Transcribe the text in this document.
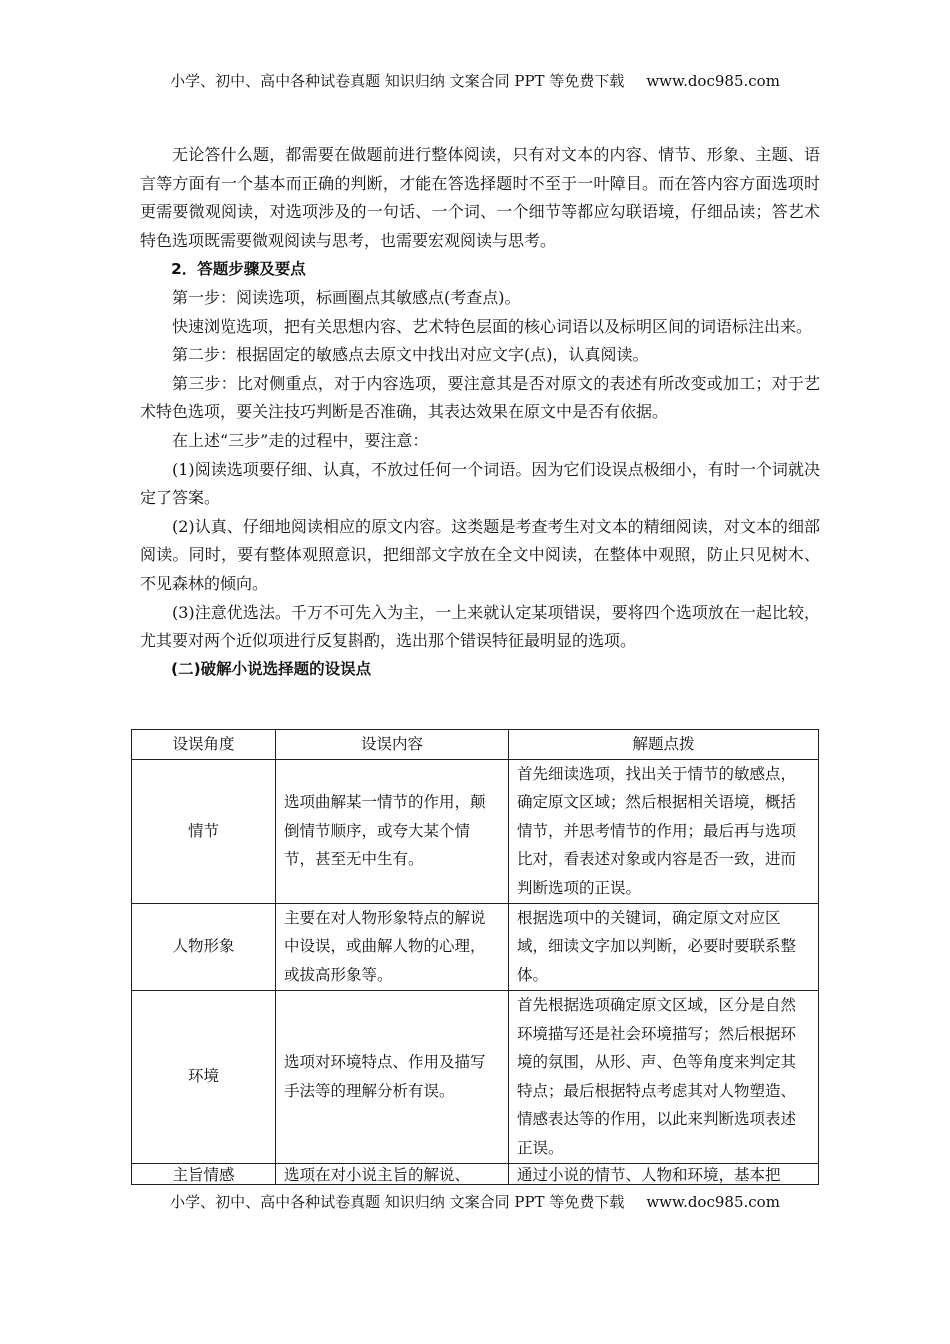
小学、初中、高中各种试卷真题 知识归纳 文案合同 PPT 等免费下载 www.doc985.com

无论答什么题，都需要在做题前进行整体阅读，只有对文本的内容、情节、形象、主题、语言等方面有一个基本而正确的判断，才能在答选择题时不至于一叶障目。而在答内容方面选项时更需要微观阅读，对选项涉及的一句话、一个词、一个细节等都应勾联语境，仔细品读；答艺术特色选项既需要微观阅读与思考，也需要宏观阅读与思考。

2．答题步骤及要点

第一步：阅读选项，标画圈点其敏感点(考查点)。

快速浏览选项，把有关思想内容、艺术特色层面的核心词语以及标明区间的词语标注出来。

第二步：根据固定的敏感点去原文中找出对应文字(点)，认真阅读。

第三步：比对侧重点，对于内容选项，要注意其是否对原文的表述有所改变或加工；对于艺术特色选项，要关注技巧判断是否准确，其表达效果在原文中是否有依据。

在上述“三步”走的过程中，要注意：

(1)阅读选项要仔细、认真，不放过任何一个词语。因为它们设误点极细小，有时一个词就决定了答案。

(2)认真、仔细地阅读相应的原文内容。这类题是考查考生对文本的精细阅读，对文本的细部阅读。同时，要有整体观照意识，把细部文字放在全文中阅读，在整体中观照，防止只见树木、不见森林的倾向。

(3)注意优选法。千万不可先入为主，一上来就认定某项错误，要将四个选项放在一起比较，尤其要对两个近似项进行反复斟酌，选出那个错误特征最明显的选项。

(二)破解小说选择题的设误点

设误角度	设误内容	解题点拨
情节	选项曲解某一情节的作用，颠倒情节顺序，或夸大某个情节，甚至无中生有。	首先细读选项，找出关于情节的敏感点，确定原文区域；然后根据相关语境，概括情节，并思考情节的作用；最后再与选项比对，看表述对象或内容是否一致，进而判断选项的正误。
人物形象	主要在对人物形象特点的解说中设误，或曲解人物的心理，或拔高形象等。	根据选项中的关键词，确定原文对应区域，细读文字加以判断，必要时要联系整体。
环境	选项对环境特点、作用及描写手法等的理解分析有误。	首先根据选项确定原文区域，区分是自然环境描写还是社会环境描写；然后根据环境的氛围，从形、声、色等角度来判定其特点；最后根据特点考虑其对人物塑造、情感表达等的作用，以此来判断选项表述正误。

主旨情感	选项在对小说主旨的解说、	通过小说的情节、人物和环境，基本把
小学、初中、高中各种试卷真题 知识归纳 文案合同 PPT 等免费下载 www.doc985.com
